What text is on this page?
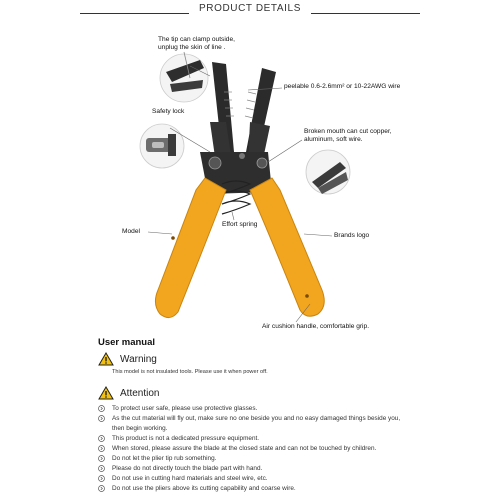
PRODUCT DETAILS
The tip can clamp outside,
unplug the skin of line .
peelable 0.6-2.6mm² or 10-22AWG wire
Safety lock
Broken mouth can cut copper,
aluminum, soft wire.
Effort spring
Model
Brands logo
Air cushion handle, comfortable grip.
User manual
Warning
This model is not insulated tools. Please use it when power off.
Attention
To protect user safe, please use protective glasses.
As the cut material will fly out, make sure no one beside you and no easy damaged things beside you,
then begin working.
This product is not a dedicated pressure equipment.
When stored, please assure the blade at the closed state and can not be touched by children.
Do not let the plier tip rub something.
Please do not directly touch the blade part with hand.
Do not use in cutting hard materials and steel wire, etc.
Do not use the pliers above its cutting capability and coarse wire.
